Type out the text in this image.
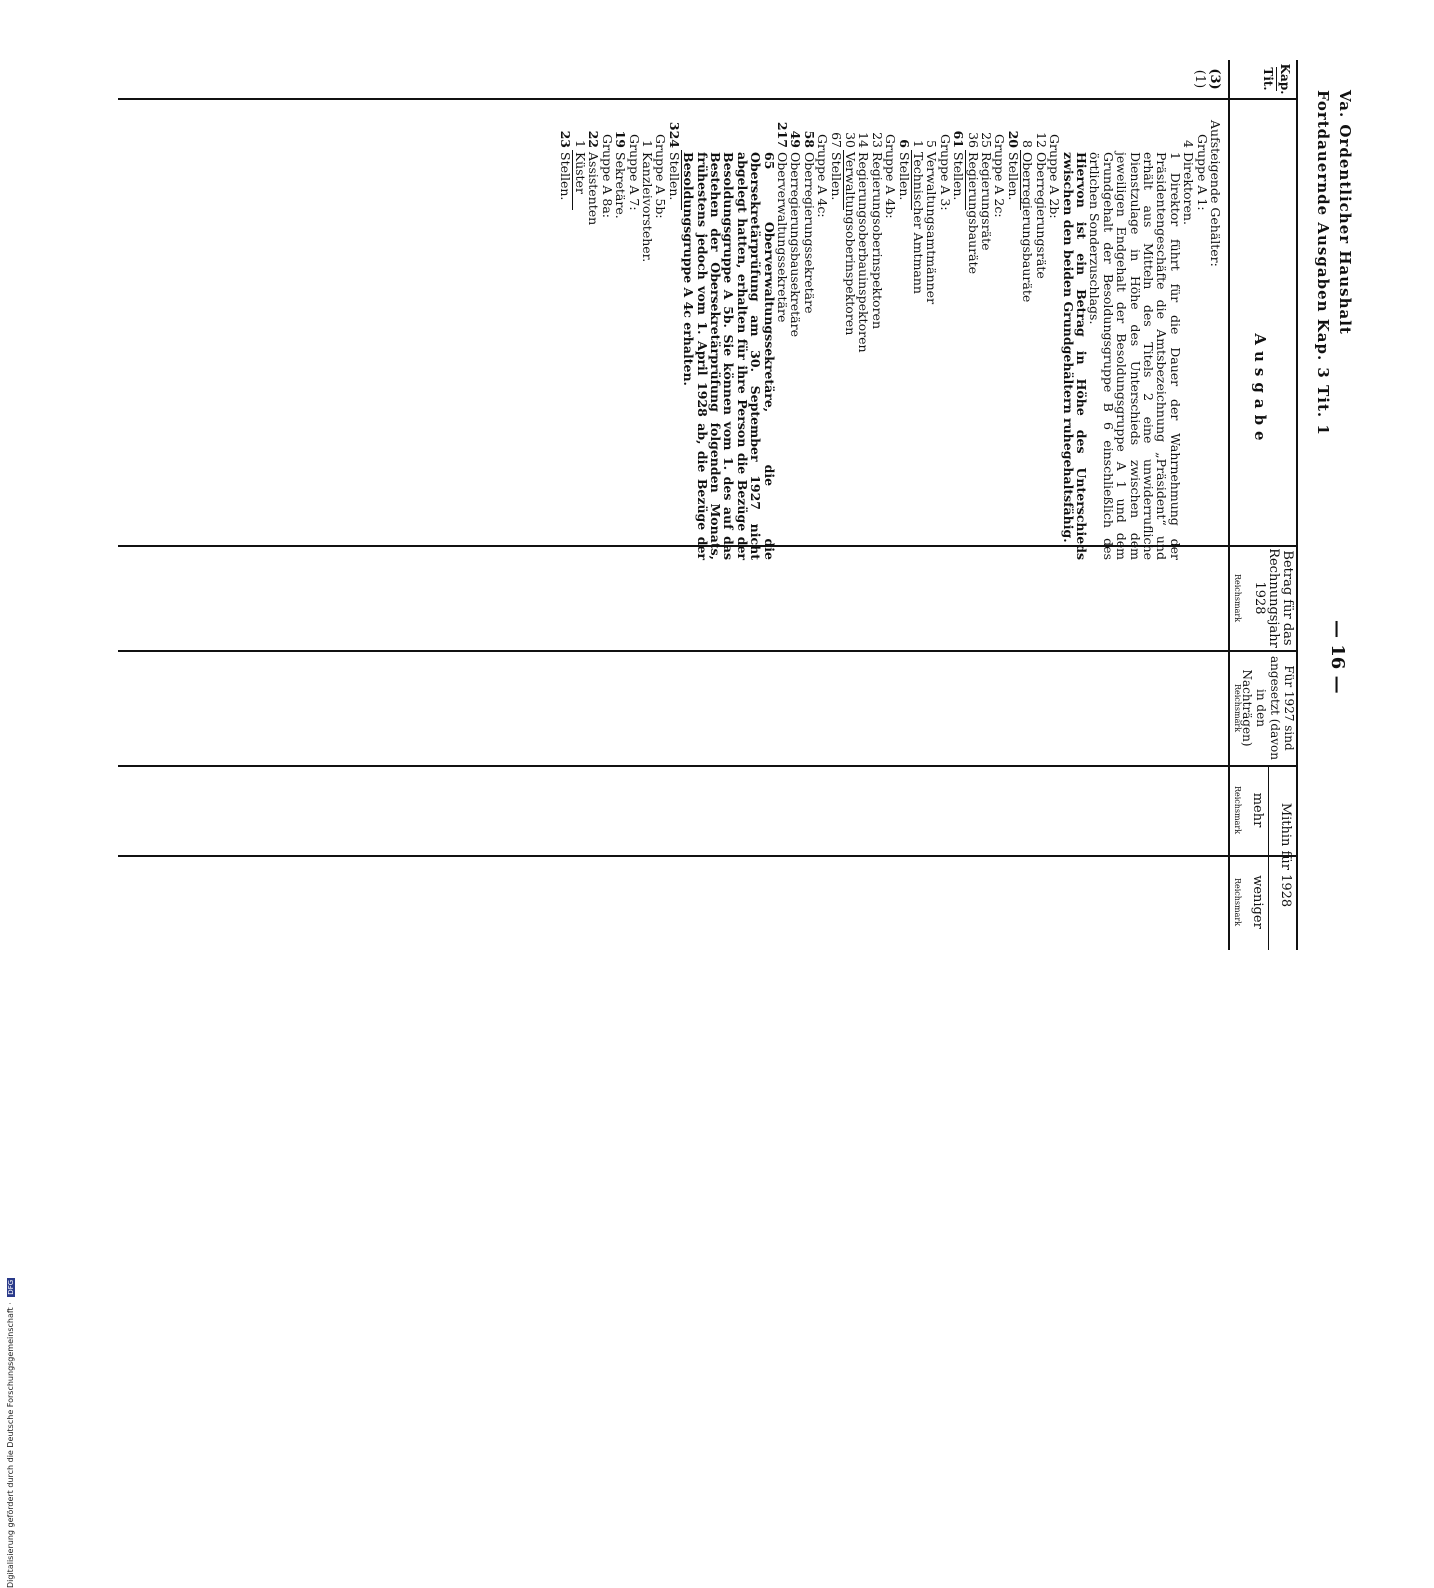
Va. Ordentlicher Haushalt
Fortdauernde Ausgaben Kap. 3 Tit. 1
— 16 —
Kap.
Tit.
(3)
(1)
Ausgabe
Betrag für das Rechnungsjahr 1928
Reichsmark
Für 1927 sind angesetzt (davon in den Nachträgen)
Reichsmark
Mithin für 1928
mehr
weniger
Reichsmark
Reichsmark
Aufsteigende Gehälter:
Gruppe A 1:
4Direktoren.
1 Direktor führt für die Dauer der Wahrnehmung der Präsidentengeschäfte die Amtsbezeichnung „Präsident“ und erhält aus Mitteln des Titels 2 eine unwiderrufliche Dienstzulage in Höhe des Unterschieds zwischen dem jeweiligen Endgehalt der Besoldungsgruppe A 1 und dem Grundgehalt der Besoldungsgruppe B 6 einschließlich des örtlichen Sonderzuschlags.
Hiervon ist ein Betrag in Höhe des Unterschieds zwischen den beiden Grundgehältern ruhegehaltsfähig.
Gruppe A 2b:
12Oberregierungsräte
8Oberregierungsbauräte
20Stellen.
Gruppe A 2c:
25Regierungsräte
36Regierungsbauräte
61Stellen.
Gruppe A 3:
5Verwaltungsamtmänner
1Technischer Amtmann
6Stellen.
Gruppe A 4b:
23Regierungsoberinspektoren
14Regierungsoberbauinspektoren
30Verwaltungsoberinspektoren
67Stellen.
Gruppe A 4c:
58Oberregierungssekretäre
49Oberregierungsbausekretäre
217Oberverwaltungssekretäre
65 Oberverwaltungssekretäre, die die Obersekretärprüfung am 30. September 1927 nicht abgelegt hatten, erhalten für ihre Person die Bezüge der Besoldungsgruppe A 5b. Sie können vom 1. des auf das Bestehen der Obersekretärprüfung folgenden Monats, frühestens jedoch vom 1. April 1928 ab, die Bezüge der Besoldungsgruppe A 4c erhalten.
324Stellen.
Gruppe A 5b:
1Kanzleivorsteher.
Gruppe A 7:
19Sekretäre.
Gruppe A 8a:
22Assistenten
1Küster
23Stellen.
Digitalisierung gefördert durch die Deutsche Forschungsgemeinschaft · DFG
